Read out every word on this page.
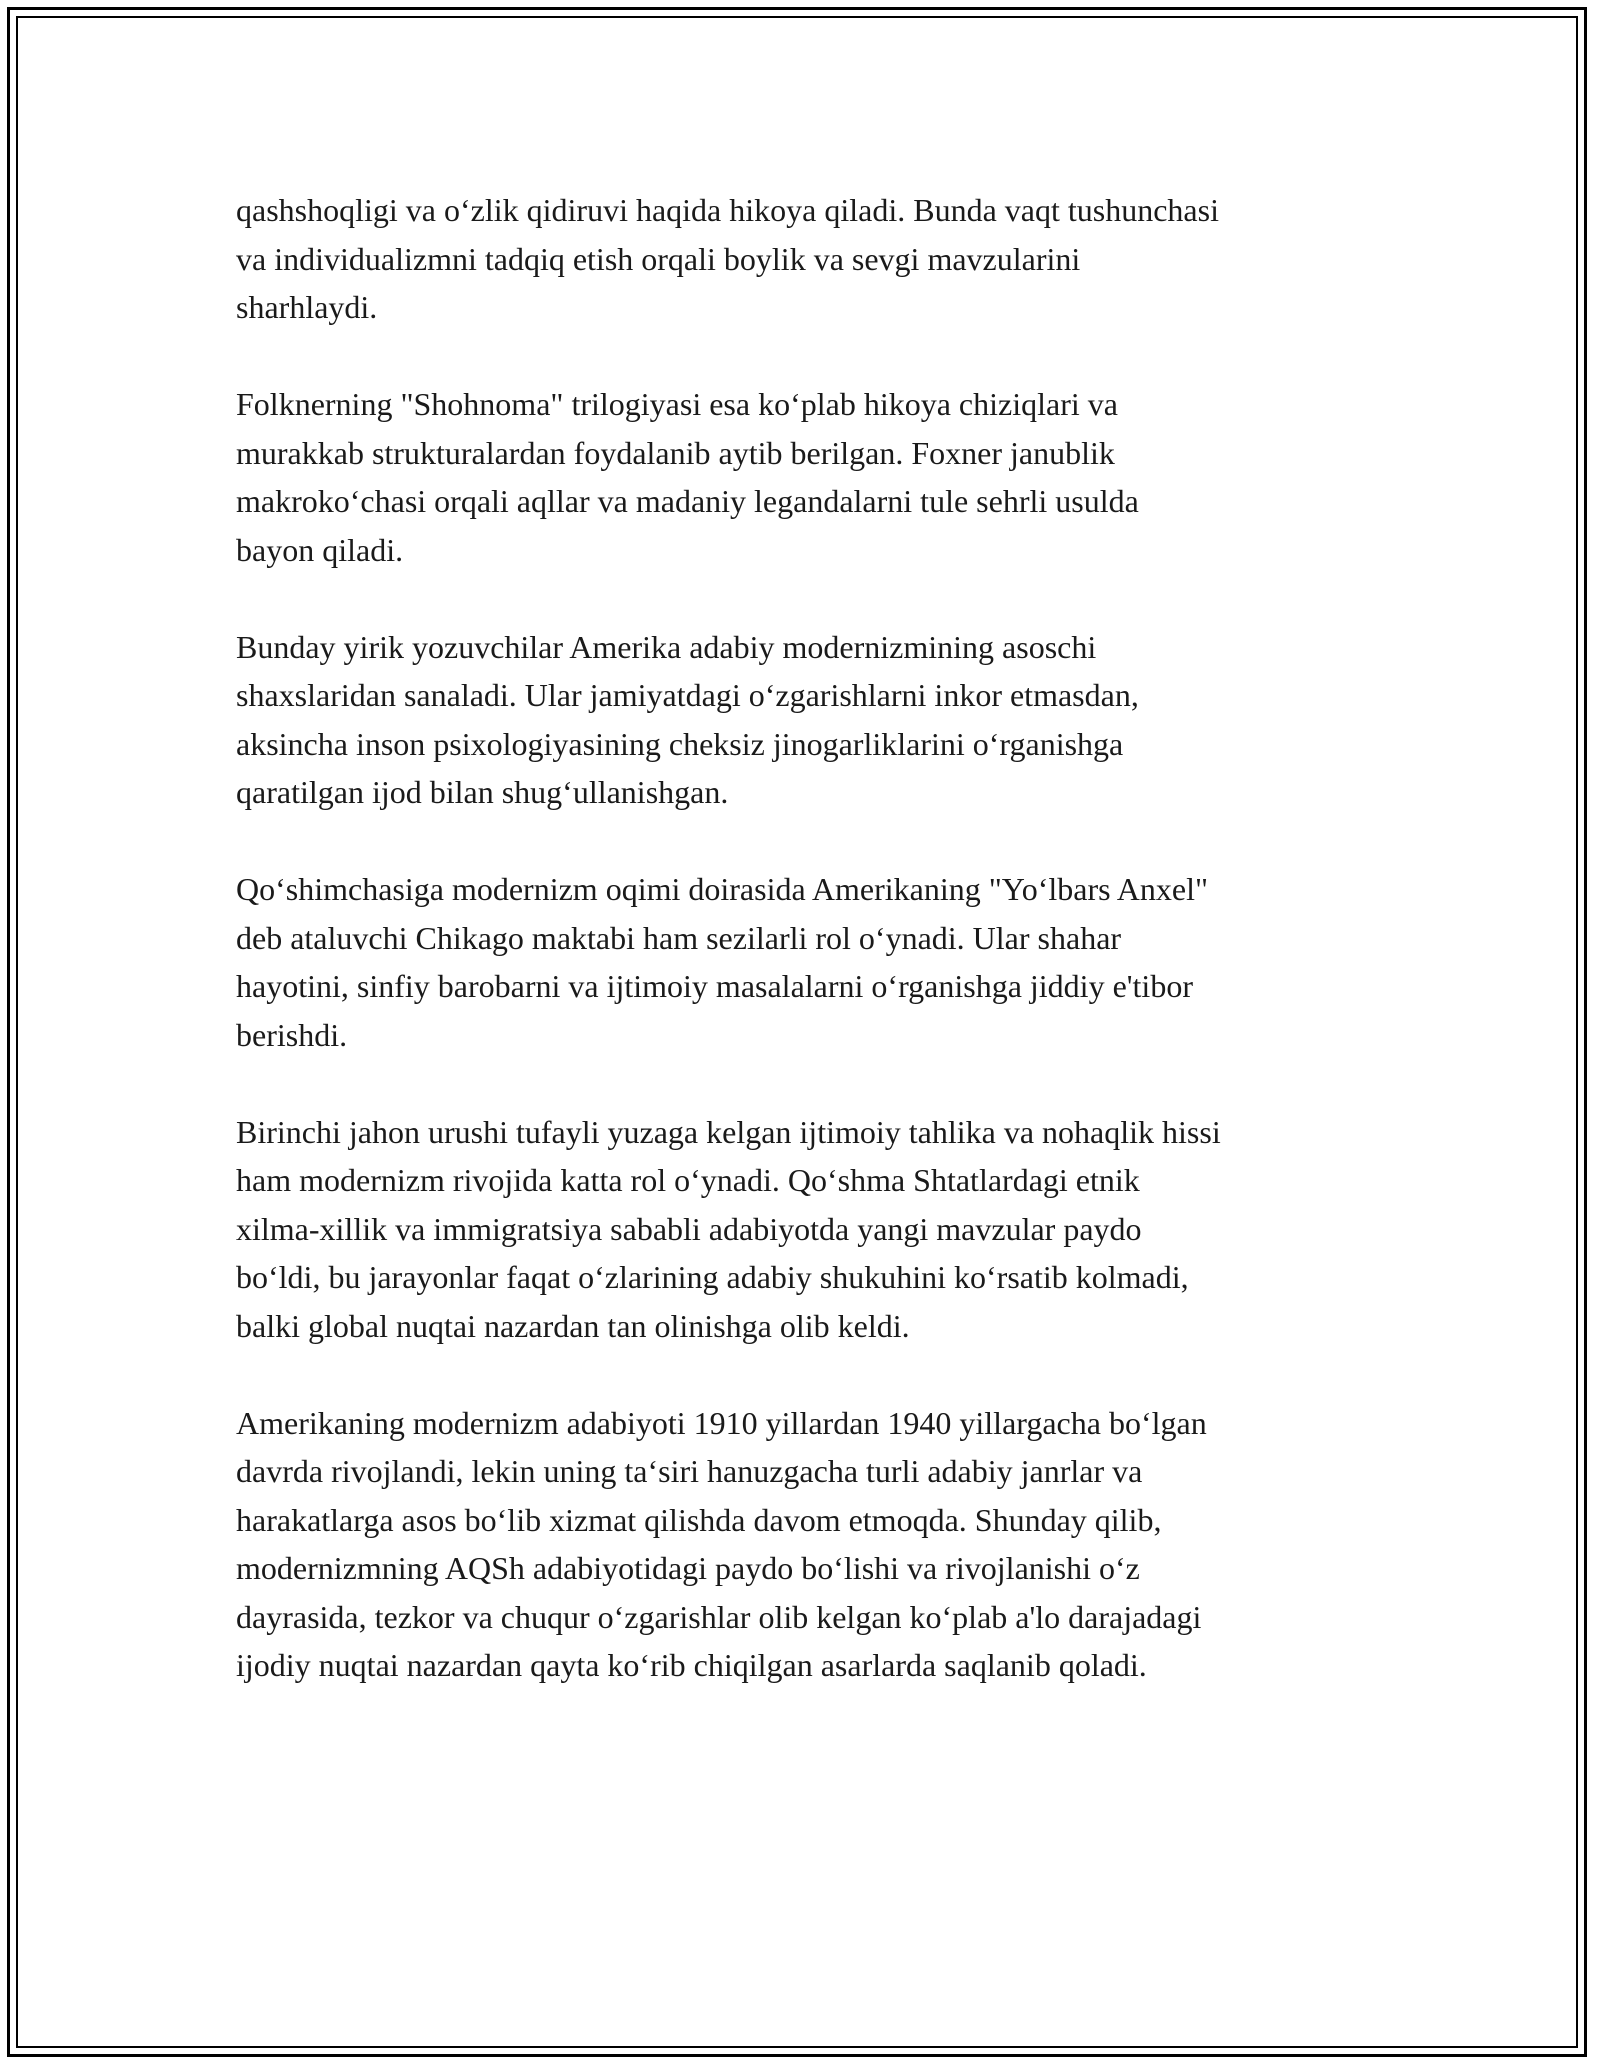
qashshoqligi va oʻzlik qidiruvi haqida hikoya qiladi. Bunda vaqt tushunchasi
va individualizmni tadqiq etish orqali boylik va sevgi mavzularini
sharhlaydi.

Folknerning "Shohnoma" trilogiyasi esa koʻplab hikoya chiziqlari va
murakkab strukturalardan foydalanib aytib berilgan. Foxner janublik
makrokoʻchasi orqali aqllar va madaniy legandalarni tule sehrli usulda
bayon qiladi.

Bunday yirik yozuvchilar Amerika adabiy modernizmining asoschi
shaxslaridan sanaladi. Ular jamiyatdagi oʻzgarishlarni inkor etmasdan,
aksincha inson psixologiyasining cheksiz jinogarliklarini oʻrganishga
qaratilgan ijod bilan shugʻullanishgan.

Qoʻshimchasiga modernizm oqimi doirasida Amerikaning "Yoʻlbars Anxel"
deb ataluvchi Chikago maktabi ham sezilarli rol oʻynadi. Ular shahar
hayotini, sinfiy barobarni va ijtimoiy masalalarni oʻrganishga jiddiy e'tibor
berishdi.

Birinchi jahon urushi tufayli yuzaga kelgan ijtimoiy tahlika va nohaqlik hissi
ham modernizm rivojida katta rol oʻynadi. Qoʻshma Shtatlardagi etnik
xilma-xillik va immigratsiya sababli adabiyotda yangi mavzular paydo
boʻldi, bu jarayonlar faqat oʻzlarining adabiy shukuhini koʻrsatib kolmadi,
balki global nuqtai nazardan tan olinishga olib keldi.

Amerikaning modernizm adabiyoti 1910 yillardan 1940 yillargacha boʻlgan
davrda rivojlandi, lekin uning taʻsiri hanuzgacha turli adabiy janrlar va
harakatlarga asos boʻlib xizmat qilishda davom etmoqda. Shunday qilib,
modernizmning AQSh adabiyotidagi paydo boʻlishi va rivojlanishi oʻz
dayrasida, tezkor va chuqur oʻzgarishlar olib kelgan koʻplab a'lo darajadagi
ijodiy nuqtai nazardan qayta koʻrib chiqilgan asarlarda saqlanib qoladi.
